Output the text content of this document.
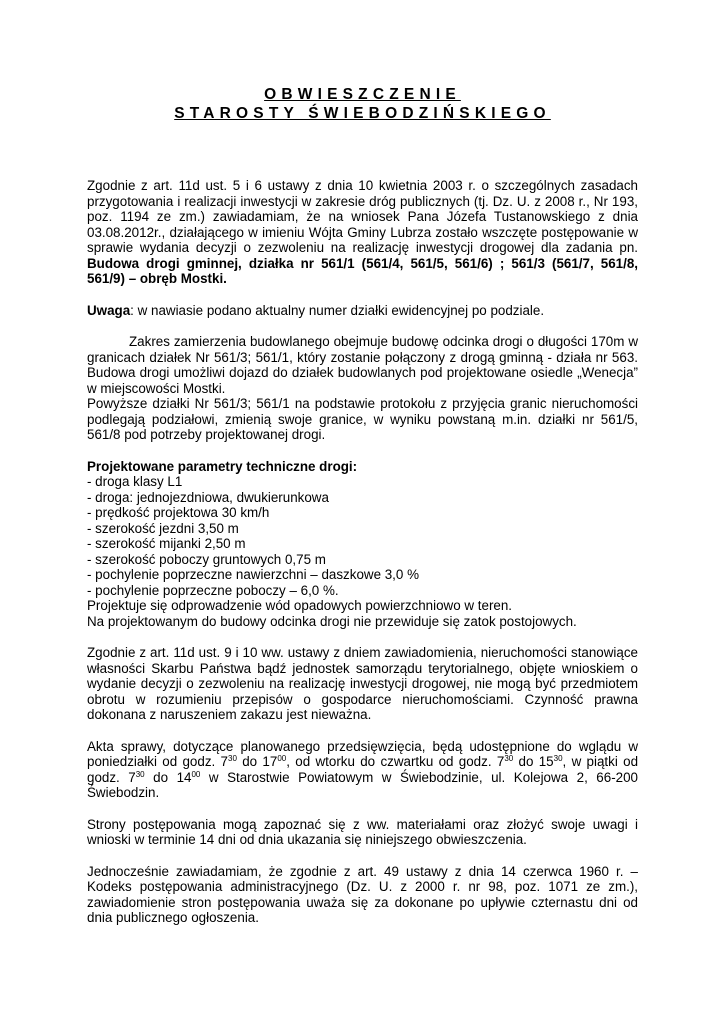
OBWIESZCZENIE
STAROSTY ŚWIEBODZIŃSKIEGO

Zgodnie z art. 11d ust. 5 i 6 ustawy z dnia 10 kwietnia 2003 r. o szczególnych zasadach przygotowania i realizacji inwestycji w zakresie dróg publicznych (tj. Dz. U. z 2008 r., Nr 193, poz. 1194 ze zm.) zawiadamiam, że na wniosek Pana Józefa Tustanowskiego z dnia 03.08.2012r., działającego w imieniu Wójta Gminy Lubrza zostało wszczęte postępowanie w sprawie wydania decyzji o zezwoleniu na realizację inwestycji drogowej dla zadania pn. Budowa drogi gminnej, działka nr 561/1 (561/4, 561/5, 561/6) ; 561/3 (561/7, 561/8, 561/9) – obręb Mostki.

Uwaga: w nawiasie podano aktualny numer działki ewidencyjnej po podziale.

Zakres zamierzenia budowlanego obejmuje budowę odcinka drogi o długości 170m w granicach działek Nr 561/3; 561/1, który zostanie połączony z drogą gminną - działa nr 563. Budowa drogi umożliwi dojazd do działek budowlanych pod projektowane osiedle „Wenecja” w miejscowości Mostki.

Powyższe działki Nr 561/3; 561/1 na podstawie protokołu z przyjęcia granic nieruchomości podlegają podziałowi, zmienią swoje granice, w wyniku powstaną m.in. działki nr 561/5, 561/8 pod potrzeby projektowanej drogi.

Projektowane parametry techniczne drogi:
- droga klasy L1
- droga: jednojezdniowa, dwukierunkowa
- prędkość projektowa 30 km/h
- szerokość jezdni 3,50 m
- szerokość mijanki 2,50 m
- szerokość poboczy gruntowych 0,75 m
- pochylenie poprzeczne nawierzchni – daszkowe 3,0 %
- pochylenie poprzeczne poboczy – 6,0 %.
Projektuje się odprowadzenie wód opadowych powierzchniowo w teren.
Na projektowanym do budowy odcinka drogi nie przewiduje się zatok postojowych.

Zgodnie z art. 11d ust. 9 i 10 ww. ustawy z dniem zawiadomienia, nieruchomości stanowiące własności Skarbu Państwa bądź jednostek samorządu terytorialnego, objęte wnioskiem o wydanie decyzji o zezwoleniu na realizację inwestycji drogowej, nie mogą być przedmiotem obrotu w rozumieniu przepisów o gospodarce nieruchomościami. Czynność prawna dokonana z naruszeniem zakazu jest nieważna.

Akta sprawy, dotyczące planowanego przedsięwzięcia, będą udostępnione do wglądu w poniedziałki od godz. $7^{30}$ do $17^{00}$, od wtorku do czwartku od godz. $7^{30}$ do $15^{30}$, w piątki od godz. $7^{30}$ do $14^{00}$ w Starostwie Powiatowym w Świebodzinie, ul. Kolejowa 2, 66-200 Świebodzin.

Strony postępowania mogą zapoznać się z ww. materiałami oraz złożyć swoje uwagi i wnioski w terminie 14 dni od dnia ukazania się niniejszego obwieszczenia.

Jednocześnie zawiadamiam, że zgodnie z art. 49 ustawy z dnia 14 czerwca 1960 r. – Kodeks postępowania administracyjnego (Dz. U. z 2000 r. nr 98, poz. 1071 ze zm.), zawiadomienie stron postępowania uważa się za dokonane po upływie czternastu dni od dnia publicznego ogłoszenia.
